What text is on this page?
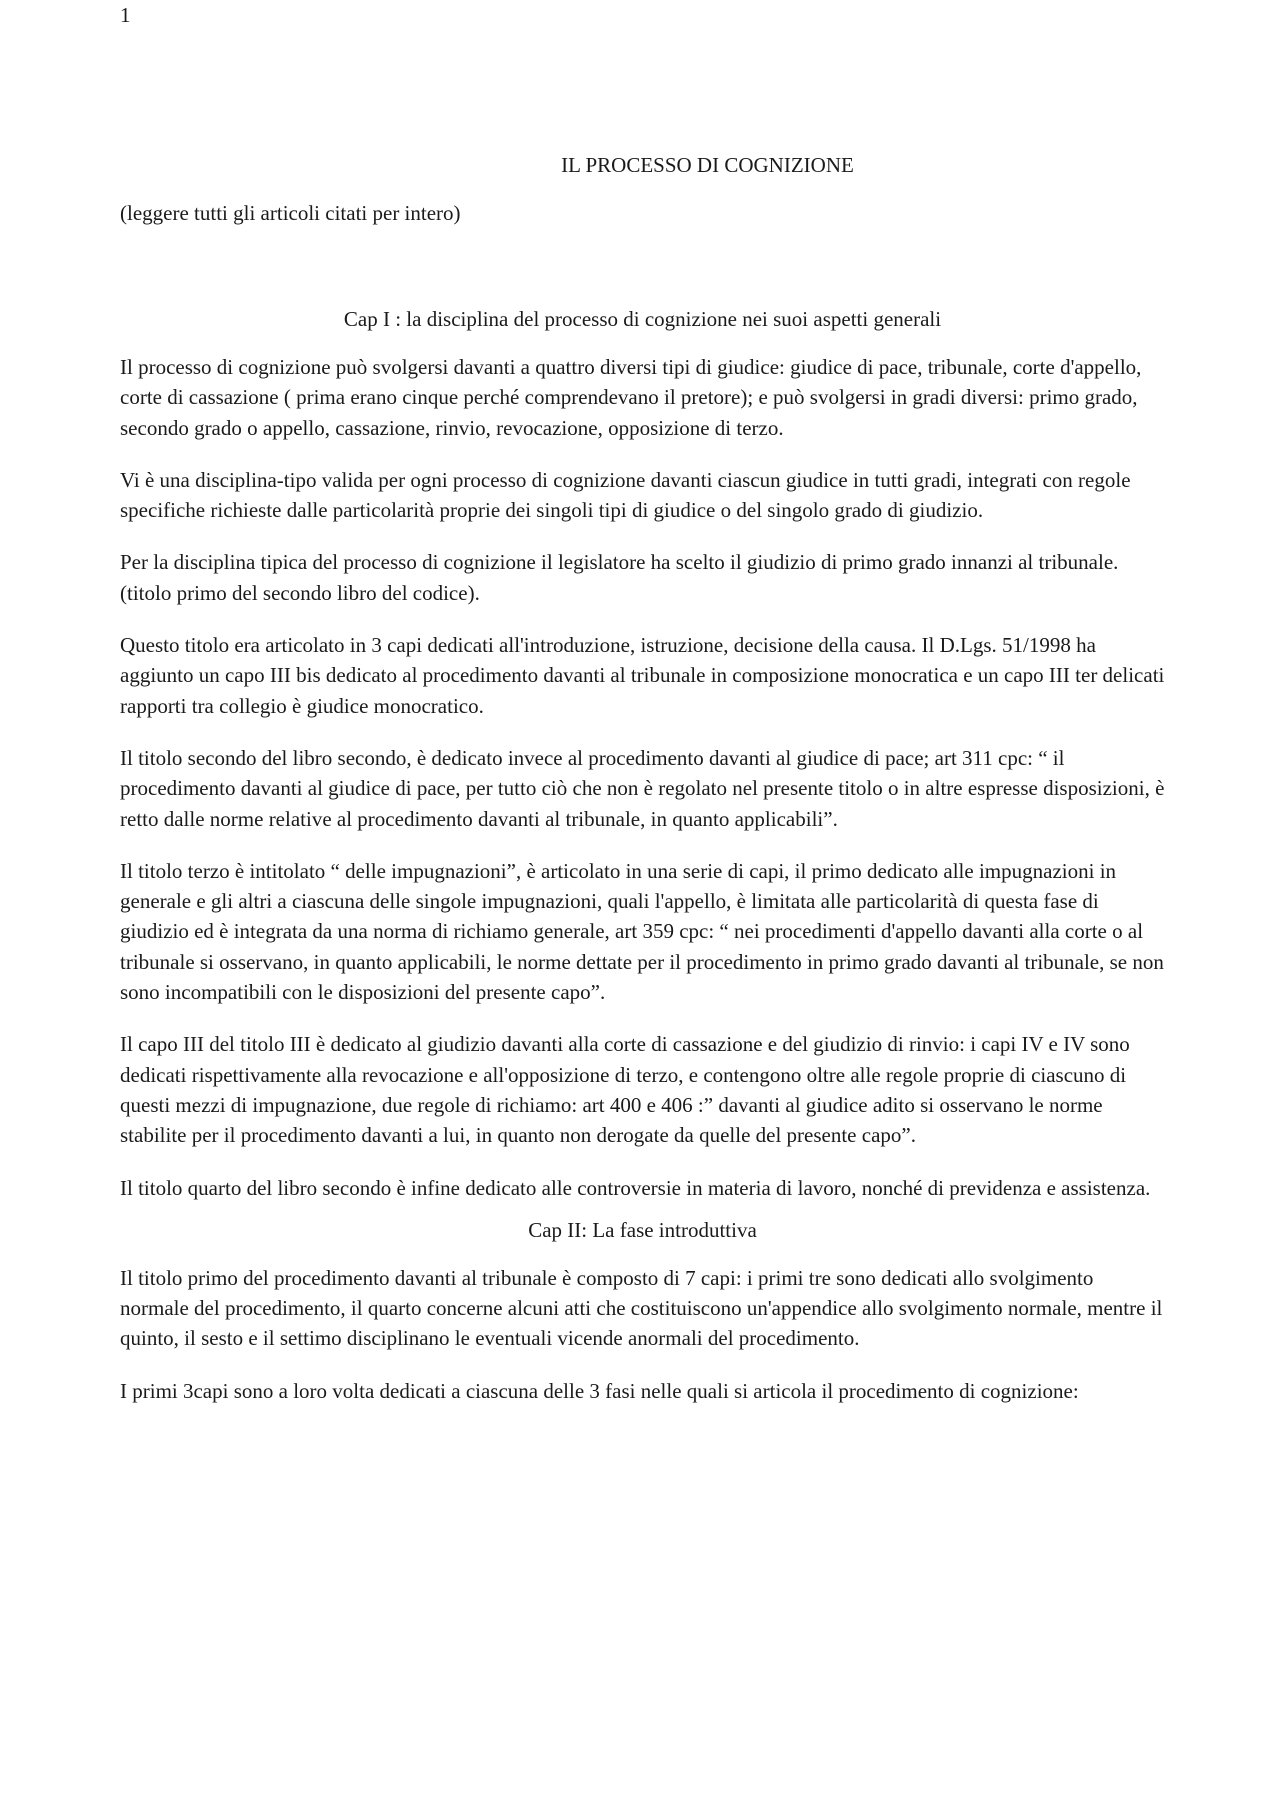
1
IL PROCESSO DI COGNIZIONE

(leggere tutti gli articoli citati per intero)

Cap I : la disciplina del processo di cognizione nei suoi aspetti generali

Il processo di cognizione può svolgersi davanti a quattro diversi tipi di giudice: giudice di pace, tribunale, corte d'appello, corte di cassazione ( prima erano cinque perché comprendevano il pretore); e può svolgersi in gradi diversi: primo grado, secondo grado o appello, cassazione, rinvio, revocazione, opposizione di terzo.

Vi è una disciplina-tipo valida per ogni processo di cognizione davanti ciascun giudice in tutti gradi, integrati con regole specifiche richieste dalle particolarità proprie dei singoli tipi di giudice o del singolo grado di giudizio.

Per la disciplina tipica del processo di cognizione il legislatore ha scelto il giudizio di primo grado innanzi al tribunale. (titolo primo del secondo libro del codice).

Questo titolo era articolato in 3 capi dedicati all'introduzione, istruzione, decisione della causa. Il D.Lgs. 51/1998 ha aggiunto un capo III bis dedicato al procedimento davanti al tribunale in composizione monocratica e un capo III ter delicati rapporti tra collegio è giudice monocratico.

Il titolo secondo del libro secondo, è dedicato invece al procedimento davanti al giudice di pace; art 311 cpc: “ il procedimento davanti al giudice di pace, per tutto ciò che non è regolato nel presente titolo o in altre espresse disposizioni, è retto dalle norme relative al procedimento davanti al tribunale, in quanto applicabili”.

Il titolo terzo è intitolato “ delle impugnazioni”, è articolato in una serie di capi, il primo dedicato alle impugnazioni in generale e gli altri a ciascuna delle singole impugnazioni, quali l'appello, è limitata alle particolarità di questa fase di giudizio ed è integrata da una norma di richiamo generale, art 359 cpc: “ nei procedimenti d'appello davanti alla corte o al tribunale si osservano, in quanto applicabili, le norme dettate per il procedimento in primo grado davanti al tribunale, se non sono incompatibili con le disposizioni del presente capo”.

Il capo III del titolo III è dedicato al giudizio davanti alla corte di cassazione e del giudizio di rinvio: i capi IV e IV sono dedicati rispettivamente alla revocazione e all'opposizione di terzo, e contengono oltre alle regole proprie di ciascuno di questi mezzi di impugnazione, due regole di richiamo: art 400 e 406 :” davanti al giudice adito si osservano le norme stabilite per il procedimento davanti a lui, in quanto non derogate da quelle del presente capo”.

Il titolo quarto del libro secondo è infine dedicato alle controversie in materia di lavoro, nonché di previdenza e assistenza.

Cap II: La fase introduttiva

Il titolo primo del procedimento davanti al tribunale è composto di 7 capi: i primi tre sono dedicati allo svolgimento normale del procedimento, il quarto concerne alcuni atti che costituiscono un'appendice allo svolgimento normale, mentre il quinto, il sesto e il settimo disciplinano le eventuali vicende anormali del procedimento.

I primi 3capi sono a loro volta dedicati a ciascuna delle 3 fasi nelle quali si articola il procedimento di cognizione:
